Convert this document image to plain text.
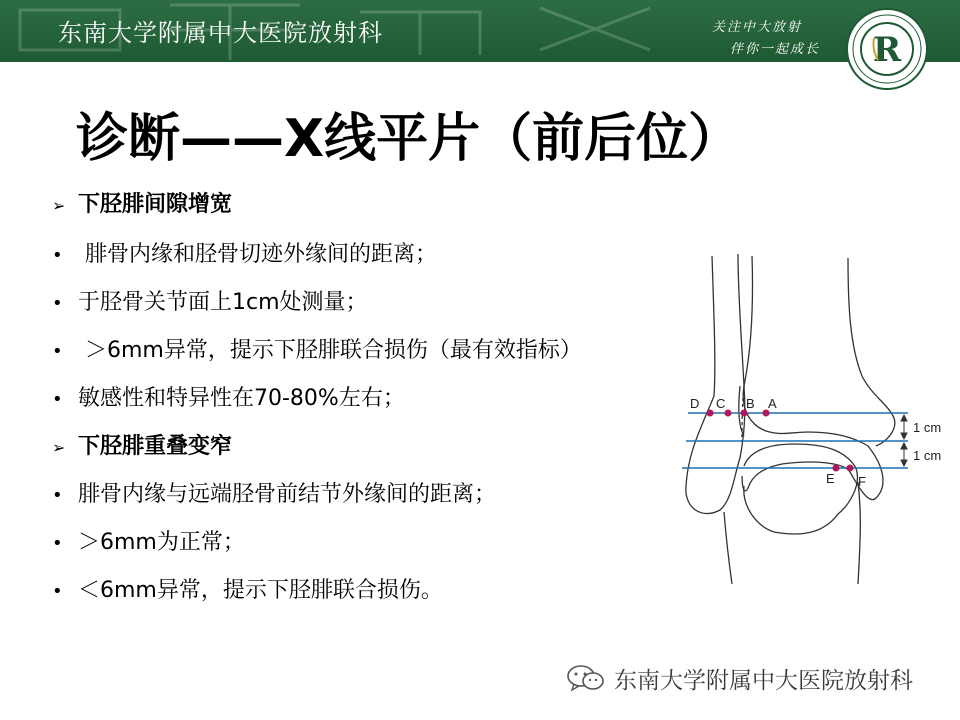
东南大学附属中大医院放射科	关注中大放射
伴你一起成长 R
诊断——X线平片（前后位）
➢ 下胫腓间隙增宽
• 腓骨内缘和胫骨切迹外缘间的距离；
• 于胫骨关节面上1cm处测量；
• ＞6mm异常，提示下胫腓联合损伤（最有效指标）
• 敏感性和特异性在70-80%左右；
➢ 下胫腓重叠变窄
• 腓骨内缘与远端胫骨前结节外缘间的距离；
• ＞6mm为正常；
• ＜6mm异常，提示下胫腓联合损伤。
D C B A
E F
1 cm
1 cm
东南大学附属中大医院放射科
